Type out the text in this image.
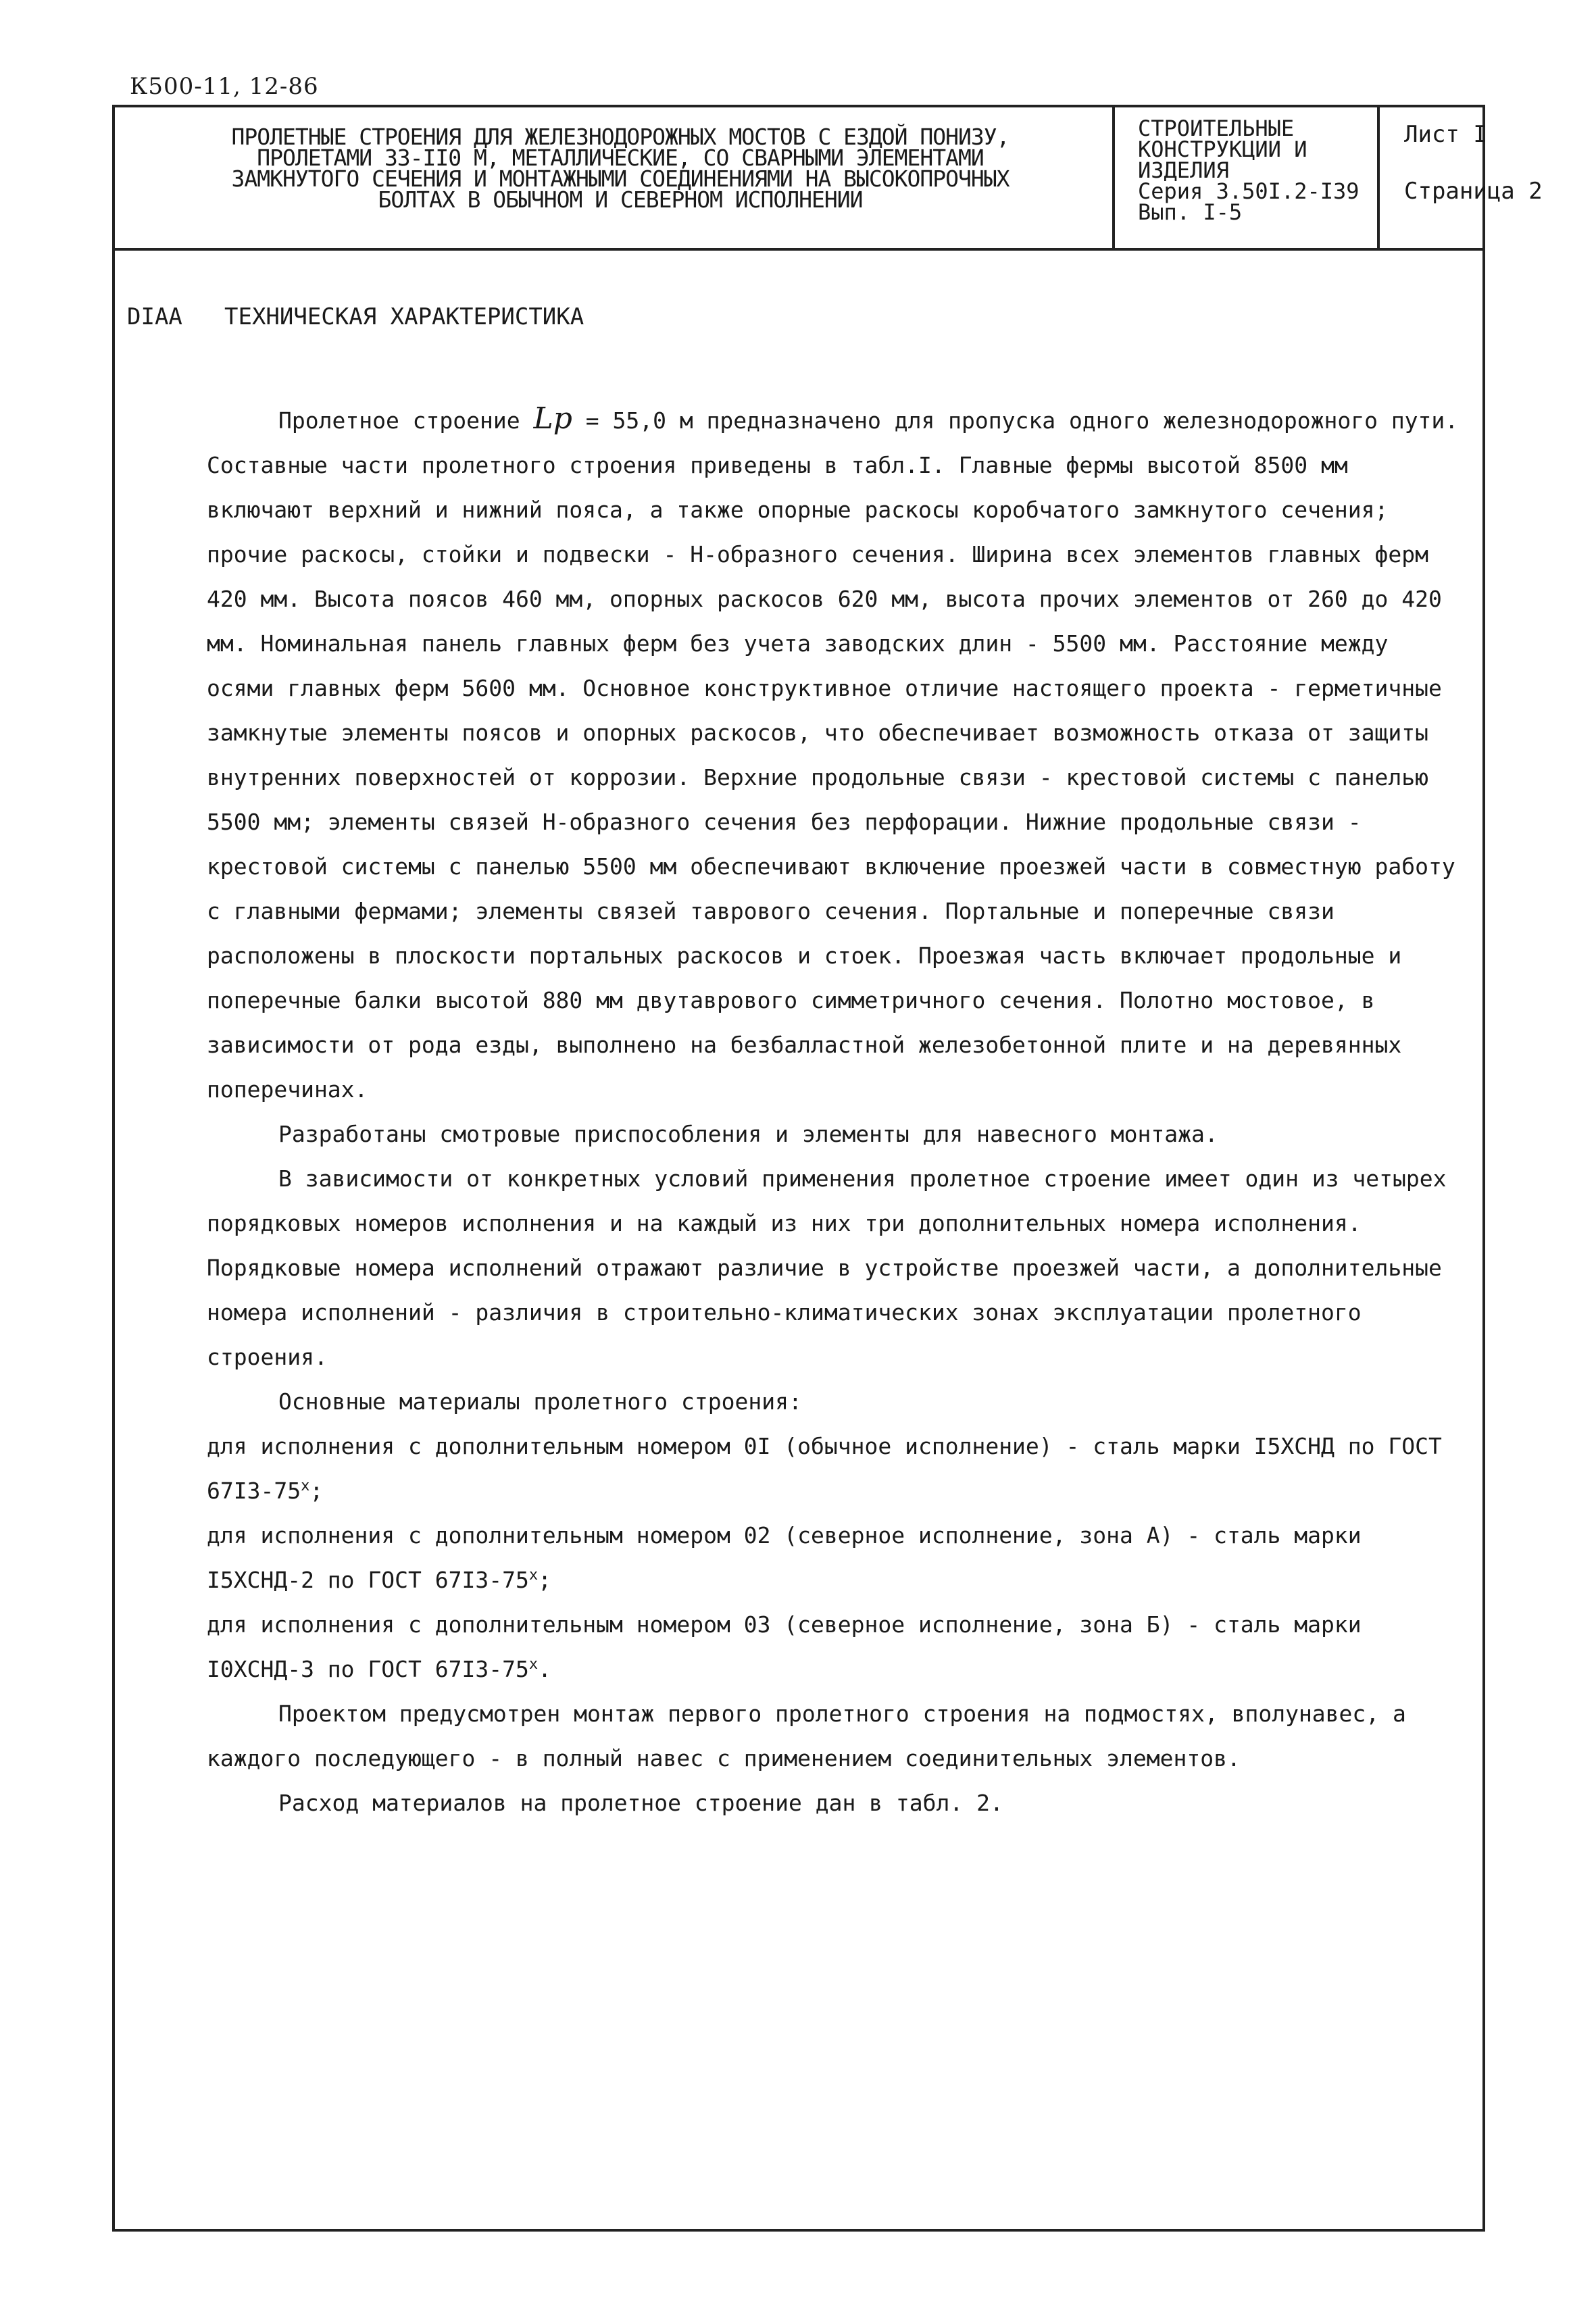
К500-11, 12-86
ПРОЛЕТНЫЕ СТРОЕНИЯ ДЛЯ ЖЕЛЕЗНОДОРОЖНЫХ МОСТОВ С ЕЗДОЙ ПОНИЗУ,
ПРОЛЕТАМИ 33-II0 М, МЕТАЛЛИЧЕСКИЕ, СО СВАРНЫМИ ЭЛЕМЕНТАМИ
ЗАМКНУТОГО СЕЧЕНИЯ И МОНТАЖНЫМИ СОЕДИНЕНИЯМИ НА ВЫСОКОПРОЧНЫХ
БОЛТАХ В ОБЫЧНОМ И СЕВЕРНОМ ИСПОЛНЕНИИ
СТРОИТЕЛЬНЫЕ
КОНСТРУКЦИИ И
ИЗДЕЛИЯ
Серия 3.50I.2-I39
Вып. I-5
Лист I
Страница 2
DIAA ТЕХНИЧЕСКАЯ ХАРАКТЕРИСТИКА

Пролетное строение Lр = 55,0 м предназначено для пропуска одного железнодорожного пути. Составные части пролетного строения приведены в табл.I. Главные фермы высотой 8500 мм включают верхний и нижний пояса, а также опорные раскосы коробчатого замкнутого сечения; прочие раскосы, стойки и подвески - Н-образного сечения. Ширина всех элементов главных ферм 420 мм. Высота поясов 460 мм, опорных раскосов 620 мм, высота прочих элементов от 260 до 420 мм. Номинальная панель главных ферм без учета заводских длин - 5500 мм. Расстояние между осями главных ферм 5600 мм. Основное конструктивное отличие настоящего проекта - герметичные замкнутые элементы поясов и опорных раскосов, что обеспечивает возможность отказа от защиты внутренних поверхностей от коррозии. Верхние продольные связи - крестовой системы с панелью 5500 мм; элементы связей Н-образного сечения без перфорации. Нижние продольные связи - крестовой системы с панелью 5500 мм обеспечивают включение проезжей части в совместную работу с главными фермами; элементы связей таврового сечения. Портальные и поперечные связи расположены в плоскости портальных раскосов и стоек. Проезжая часть включает продольные и поперечные балки высотой 880 мм двутаврового симметричного сечения. Полотно мостовое, в зависимости от рода езды, выполнено на безбалластной железобетонной плите и на деревянных поперечинах.

Разработаны смотровые приспособления и элементы для навесного монтажа.

В зависимости от конкретных условий применения пролетное строение имеет один из четырех порядковых номеров исполнения и на каждый из них три дополнительных номера исполнения. Порядковые номера исполнений отражают различие в устройстве проезжей части, а дополнительные номера исполнений - различия в строительно-климатических зонах эксплуатации пролетного строения.

Основные материалы пролетного строения:

для исполнения с дополнительным номером 0I (обычное исполнение) - сталь марки I5ХСНД по ГОСТ $67I3-75^х$;

для исполнения с дополнительным номером 02 (северное исполнение, зона А) - сталь марки I5ХСНД-2 по ГОСТ $67I3-75^х$;

для исполнения с дополнительным номером 03 (северное исполнение, зона Б) - сталь марки I0ХСНД-3 по ГОСТ $67I3-75^х$.

Проектом предусмотрен монтаж первого пролетного строения на подмостях, вполунавес, а каждого последующего - в полный навес с применением соединительных элементов.

Расход материалов на пролетное строение дан в табл. 2.
